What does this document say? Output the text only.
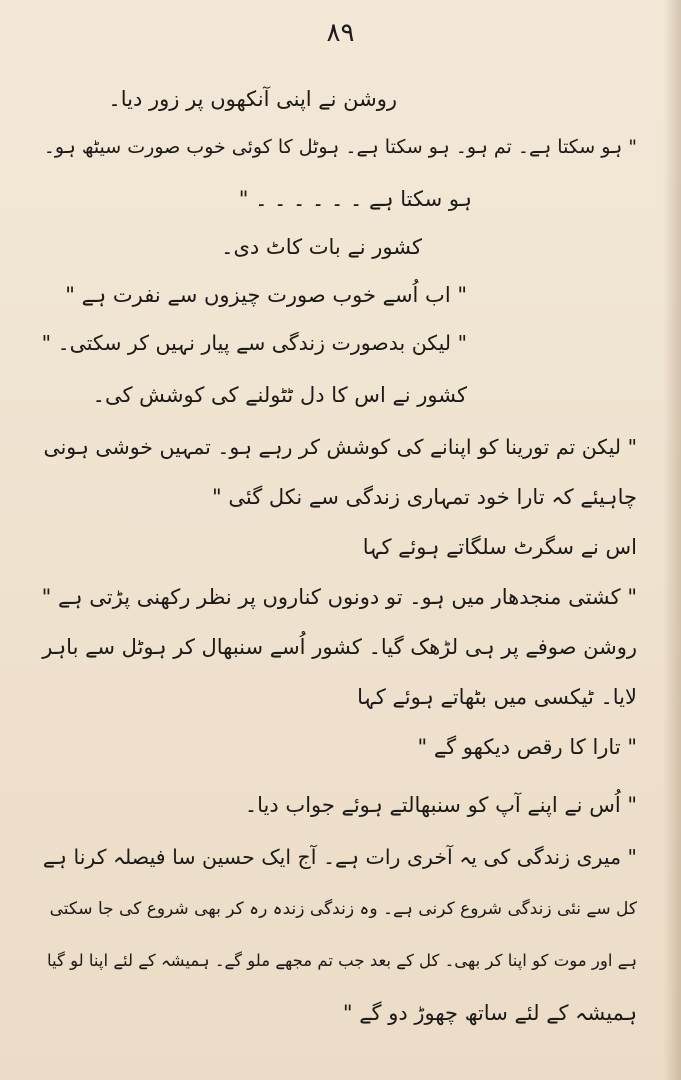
۸۹
روشن نے اپنی آنکھوں پر زور دیا۔
" ہو سکتا ہے۔ تم ہو۔ ہو سکتا ہے۔ ہوٹل کا کوئی خوب صورت سیٹھ ہو۔
ہو سکتا ہے ۔ ۔ ۔ ۔ ۔ ۔ "
کشور نے بات کاٹ دی۔
" اب اُسے خوب صورت چیزوں سے نفرت ہے "
" لیکن بدصورت زندگی سے پیار نہیں کر سکتی۔ "
کشور نے اس کا دل ٹٹولنے کی کوشش کی۔
" لیکن تم تورینا کو اپنانے کی کوشش کر رہے ہو۔ تمہیں خوشی ہونی
چاہیئے کہ تارا خود تمہاری زندگی سے نکل گئی "
اس نے سگرٹ سلگاتے ہوئے کہا
" کشتی منجدھار میں ہو۔ تو دونوں کناروں پر نظر رکھنی پڑتی ہے "
روشن صوفے پر ہی لڑھک گیا۔ کشور اُسے سنبھال کر ہوٹل سے باہر
لایا۔ ٹیکسی میں بٹھاتے ہوئے کہا
" تارا کا رقص دیکھو گے "
" اُس نے اپنے آپ کو سنبھالتے ہوئے جواب دیا۔
" میری زندگی کی یہ آخری رات ہے۔ آج ایک حسین سا فیصلہ کرنا ہے
کل سے نئی زندگی شروع کرنی ہے۔ وہ زندگی زندہ رہ کر بھی شروع کی جا سکتی
ہے اور موت کو اپنا کر بھی۔ کل کے بعد جب تم مجھے ملو گے۔ ہمیشہ کے لئے اپنا لو گیا
ہمیشہ کے لئے ساتھ چھوڑ دو گے "
